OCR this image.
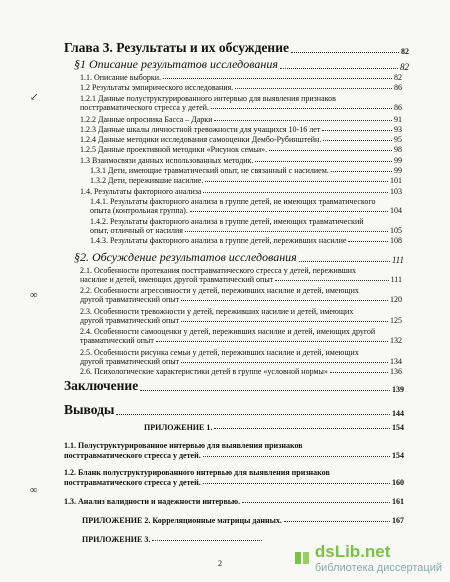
Глава 3. Результаты и их обсуждение	82
§1 Описание результатов исследования	82
1.1. Описание выборки.	82
1.2 Результаты эмпирического исследования.	86
1.2.1 Данные полуструктурированного интервью для выявления признаков
посттравматического стресса у детей.	86
1.2.2 Данные опросника Басса – Дарки	91
1.2.3 Данные шкалы личностной тревожности для учащихся 10-16 лет	93
1.2.4 Данные методики исследования самооценки Дембо-Рубинштейн.	95
1.2.5 Данные проективной методики «Рисунок семьи».	98
1.3 Взаимосвязи данных использованных методик.	99
1.3.1 Дети, имеющие травматический опыт, не связанный с насилием.	99
1.3.2 Дети, пережившие насилие.	101
1.4. Результаты факторного анализа	103
1.4.1. Результаты факторного анализа в группе детей, не имеющих травматического
опыта (контрольная группа).	104
1.4.2. Результаты факторного анализа в группе детей, имеющих травматический
опыт, отличный от насилия	105
1.4.3. Результаты факторного анализа в группе детей, переживших насилие	108
§2. Обсуждение результатов исследования	111
2.1. Особенности протекания посттравматического стресса у детей, переживших
насилие и детей, имеющих другой травматический опыт	111
2.2. Особенности агрессивности у детей, переживших насилие и детей, имеющих
другой травматический опыт	120
2.3. Особенности тревожности у детей, переживших насилие и детей, имеющих
другой травматический опыт	125
2.4. Особенности самооценки у детей, переживших насилие и детей, имеющих другой
травматический опыт	132
2.5. Особенности рисунка семьи у детей, переживших насилие и детей, имеющих
другой травматический опыт	134
2.6. Психологические характеристики детей в группе «условной нормы»	136
Заключение	139
Выводы	144
ПРИЛОЖЕНИЕ 1.	154
1.1. Полуструктурированное интервью для выявления признаков
посттравматического стресса у детей.	154
1.2. Бланк полуструктурированного интервью для выявления признаков
посттравматического стресса у детей.	160
1.3. Анализ валидности и надежности интервью.	161
ПРИЛОЖЕНИЕ 2. Корреляционные матрицы данных.	167
ПРИЛОЖЕНИЕ 3.
↙
∞
∞
2
dsLib.net
библиотека диссертаций
